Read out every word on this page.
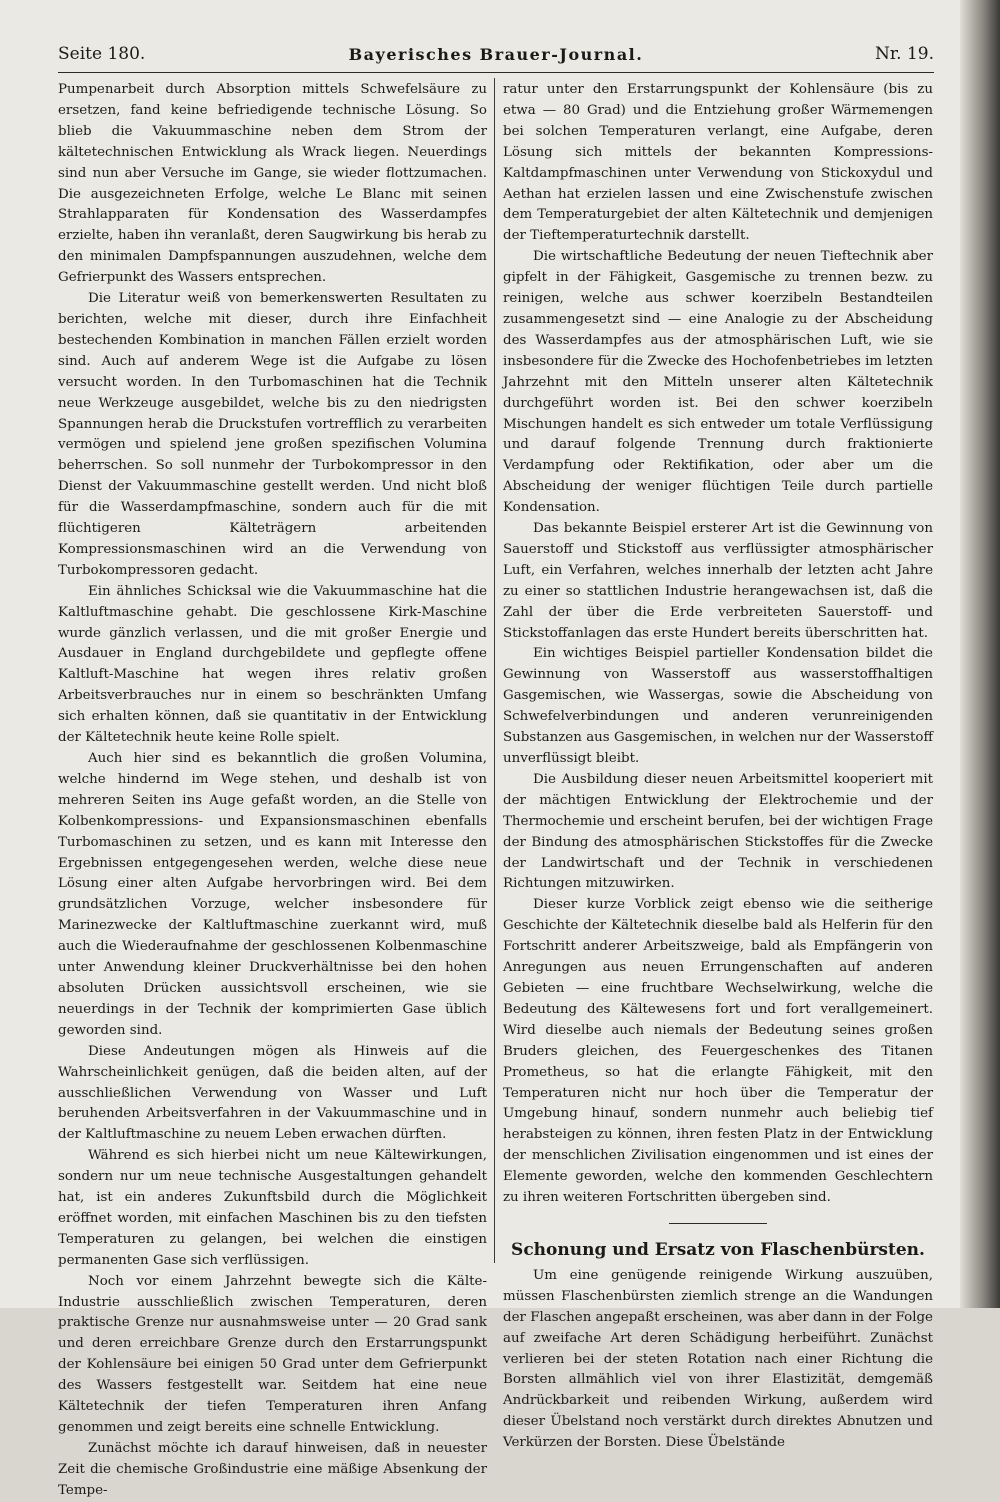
Seite 180.	Bayerisches Brauer-Journal.	Nr. 19.

Pumpenarbeit durch Absorption mittels Schwefelsäure zu ersetzen, fand keine befriedigende technische Lösung. So blieb die Vakuummaschine neben dem Strom der kältetechnischen Entwicklung als Wrack liegen. Neuerdings sind nun aber Versuche im Gange, sie wieder flottzumachen. Die ausgezeichneten Erfolge, welche Le Blanc mit seinen Strahlapparaten für Kondensation des Wasserdampfes erzielte, haben ihn veranlaßt, deren Saugwirkung bis herab zu den minimalen Dampfspannungen auszudehnen, welche dem Gefrierpunkt des Wassers entsprechen.

Die Literatur weiß von bemerkenswerten Resultaten zu berichten, welche mit dieser, durch ihre Einfachheit bestechenden Kombination in manchen Fällen erzielt worden sind. Auch auf anderem Wege ist die Aufgabe zu lösen versucht worden. In den Turbomaschinen hat die Technik neue Werkzeuge ausgebildet, welche bis zu den niedrigsten Spannungen herab die Druckstufen vortrefflich zu verarbeiten vermögen und spielend jene großen spezifischen Volumina beherrschen. So soll nunmehr der Turbokompressor in den Dienst der Vakuummaschine gestellt werden. Und nicht bloß für die Wasserdampfmaschine, sondern auch für die mit flüchtigeren Kälteträgern arbeitenden Kompressionsmaschinen wird an die Verwendung von Turbokompressoren gedacht.

Ein ähnliches Schicksal wie die Vakuummaschine hat die Kaltluftmaschine gehabt. Die geschlossene Kirk-Maschine wurde gänzlich verlassen, und die mit großer Energie und Ausdauer in England durchgebildete und gepflegte offene Kaltluft-Maschine hat wegen ihres relativ großen Arbeitsverbrauches nur in einem so beschränkten Umfang sich erhalten können, daß sie quantitativ in der Entwicklung der Kältetechnik heute keine Rolle spielt.

Auch hier sind es bekanntlich die großen Volumina, welche hindernd im Wege stehen, und deshalb ist von mehreren Seiten ins Auge gefaßt worden, an die Stelle von Kolbenkompressions- und Expansionsmaschinen ebenfalls Turbomaschinen zu setzen, und es kann mit Interesse den Ergebnissen entgegengesehen werden, welche diese neue Lösung einer alten Aufgabe hervorbringen wird. Bei dem grundsätzlichen Vorzuge, welcher insbesondere für Marinezwecke der Kaltluftmaschine zuerkannt wird, muß auch die Wiederaufnahme der geschlossenen Kolbenmaschine unter Anwendung kleiner Druckverhältnisse bei den hohen absoluten Drücken aussichtsvoll erscheinen, wie sie neuerdings in der Technik der komprimierten Gase üblich geworden sind.

Diese Andeutungen mögen als Hinweis auf die Wahrscheinlichkeit genügen, daß die beiden alten, auf der ausschließlichen Verwendung von Wasser und Luft beruhenden Arbeitsverfahren in der Vakuummaschine und in der Kaltluftmaschine zu neuem Leben erwachen dürften.

Während es sich hierbei nicht um neue Kältewirkungen, sondern nur um neue technische Ausgestaltungen gehandelt hat, ist ein anderes Zukunftsbild durch die Möglichkeit eröffnet worden, mit einfachen Maschinen bis zu den tiefsten Temperaturen zu gelangen, bei welchen die einstigen permanenten Gase sich verflüssigen.

Noch vor einem Jahrzehnt bewegte sich die Kälte-Industrie ausschließlich zwischen Temperaturen, deren praktische Grenze nur ausnahmsweise unter — 20 Grad sank und deren erreichbare Grenze durch den Erstarrungspunkt der Kohlensäure bei einigen 50 Grad unter dem Gefrierpunkt des Wassers festgestellt war. Seitdem hat eine neue Kältetechnik der tiefen Temperaturen ihren Anfang genommen und zeigt bereits eine schnelle Entwicklung.

Zunächst möchte ich darauf hinweisen, daß in neuester Zeit die chemische Großindustrie eine mäßige Absenkung der Tempe-

ratur unter den Erstarrungspunkt der Kohlensäure (bis zu etwa — 80 Grad) und die Entziehung großer Wärmemengen bei solchen Temperaturen verlangt, eine Aufgabe, deren Lösung sich mittels der bekannten Kompressions-Kaltdampfmaschinen unter Verwendung von Stickoxydul und Aethan hat erzielen lassen und eine Zwischenstufe zwischen dem Temperaturgebiet der alten Kältetechnik und demjenigen der Tieftemperaturtechnik darstellt.

Die wirtschaftliche Bedeutung der neuen Tieftechnik aber gipfelt in der Fähigkeit, Gasgemische zu trennen bezw. zu reinigen, welche aus schwer koerzibeln Bestandteilen zusammengesetzt sind — eine Analogie zu der Abscheidung des Wasserdampfes aus der atmosphärischen Luft, wie sie insbesondere für die Zwecke des Hochofenbetriebes im letzten Jahrzehnt mit den Mitteln unserer alten Kältetechnik durchgeführt worden ist. Bei den schwer koerzibeln Mischungen handelt es sich entweder um totale Verflüssigung und darauf folgende Trennung durch fraktionierte Verdampfung oder Rektifikation, oder aber um die Abscheidung der weniger flüchtigen Teile durch partielle Kondensation.

Das bekannte Beispiel ersterer Art ist die Gewinnung von Sauerstoff und Stickstoff aus verflüssigter atmosphärischer Luft, ein Verfahren, welches innerhalb der letzten acht Jahre zu einer so stattlichen Industrie herangewachsen ist, daß die Zahl der über die Erde verbreiteten Sauerstoff- und Stickstoffanlagen das erste Hundert bereits überschritten hat.

Ein wichtiges Beispiel partieller Kondensation bildet die Gewinnung von Wasserstoff aus wasserstoffhaltigen Gasgemischen, wie Wassergas, sowie die Abscheidung von Schwefelverbindungen und anderen verunreinigenden Substanzen aus Gasgemischen, in welchen nur der Wasserstoff unverflüssigt bleibt.

Die Ausbildung dieser neuen Arbeitsmittel kooperiert mit der mächtigen Entwicklung der Elektrochemie und der Thermochemie und erscheint berufen, bei der wichtigen Frage der Bindung des atmosphärischen Stickstoffes für die Zwecke der Landwirtschaft und der Technik in verschiedenen Richtungen mitzuwirken.

Dieser kurze Vorblick zeigt ebenso wie die seitherige Geschichte der Kältetechnik dieselbe bald als Helferin für den Fortschritt anderer Arbeitszweige, bald als Empfängerin von Anregungen aus neuen Errungenschaften auf anderen Gebieten — eine fruchtbare Wechselwirkung, welche die Bedeutung des Kältewesens fort und fort verallgemeinert. Wird dieselbe auch niemals der Bedeutung seines großen Bruders gleichen, des Feuergeschenkes des Titanen Prometheus, so hat die erlangte Fähigkeit, mit den Temperaturen nicht nur hoch über die Temperatur der Umgebung hinauf, sondern nunmehr auch beliebig tief herabsteigen zu können, ihren festen Platz in der Entwicklung der menschlichen Zivilisation eingenommen und ist eines der Elemente geworden, welche den kommenden Geschlechtern zu ihren weiteren Fortschritten übergeben sind.

Schonung und Ersatz von Flaschenbürsten.

Um eine genügende reinigende Wirkung auszuüben, müssen Flaschenbürsten ziemlich strenge an die Wandungen der Flaschen angepaßt erscheinen, was aber dann in der Folge auf zweifache Art deren Schädigung herbeiführt. Zunächst verlieren bei der steten Rotation nach einer Richtung die Borsten allmählich viel von ihrer Elastizität, demgemäß Andrückbarkeit und reibenden Wirkung, außerdem wird dieser Übelstand noch verstärkt durch direktes Abnutzen und Verkürzen der Borsten. Diese Übelstände
